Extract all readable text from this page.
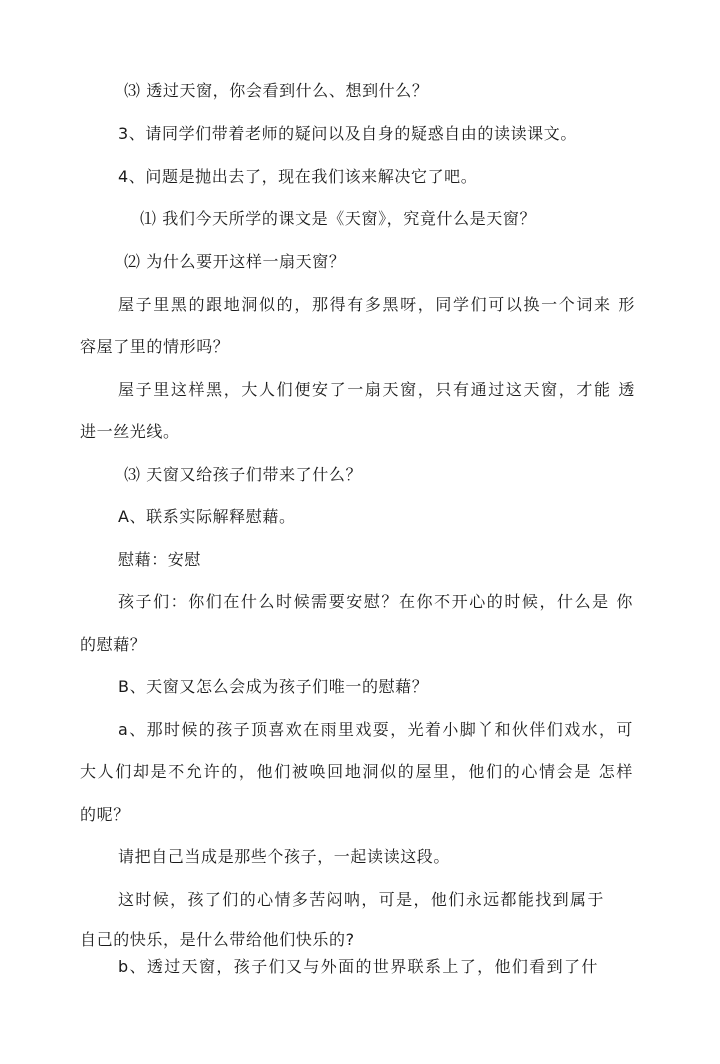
⑶ 透过天窗，你会看到什么、想到什么？
3、请同学们带着老师的疑问以及自身的疑惑自由的读读课文。
4、问题是抛出去了，现在我们该来解决它了吧。
⑴ 我们今天所学的课文是《天窗》，究竟什么是天窗？
⑵ 为什么要开这样一扇天窗？
屋子里黑的跟地洞似的，那得有多黑呀，同学们可以换一个词来 形
容屋了里的情形吗？
屋子里这样黑，大人们便安了一扇天窗，只有通过这天窗，才能 透
进一丝光线。
⑶ 天窗又给孩子们带来了什么？
A、联系实际解释慰藉。
慰藉：安慰
孩子们：你们在什么时候需要安慰？在你不开心的时候，什么是 你
的慰藉？
B、天窗又怎么会成为孩子们唯一的慰藉？
a、那时候的孩子顶喜欢在雨里戏耍，光着小脚丫和伙伴们戏水，可
大人们却是不允许的，他们被唤回地洞似的屋里，他们的心情会是 怎样
的呢？
请把自己当成是那些个孩子，一起读读这段。
这时候，孩了们的心情多苦闷呐，可是，他们永远都能找到属于
自己的快乐，是什么带给他们快乐的?
b、透过天窗，孩子们又与外面的世界联系上了，他们看到了什
